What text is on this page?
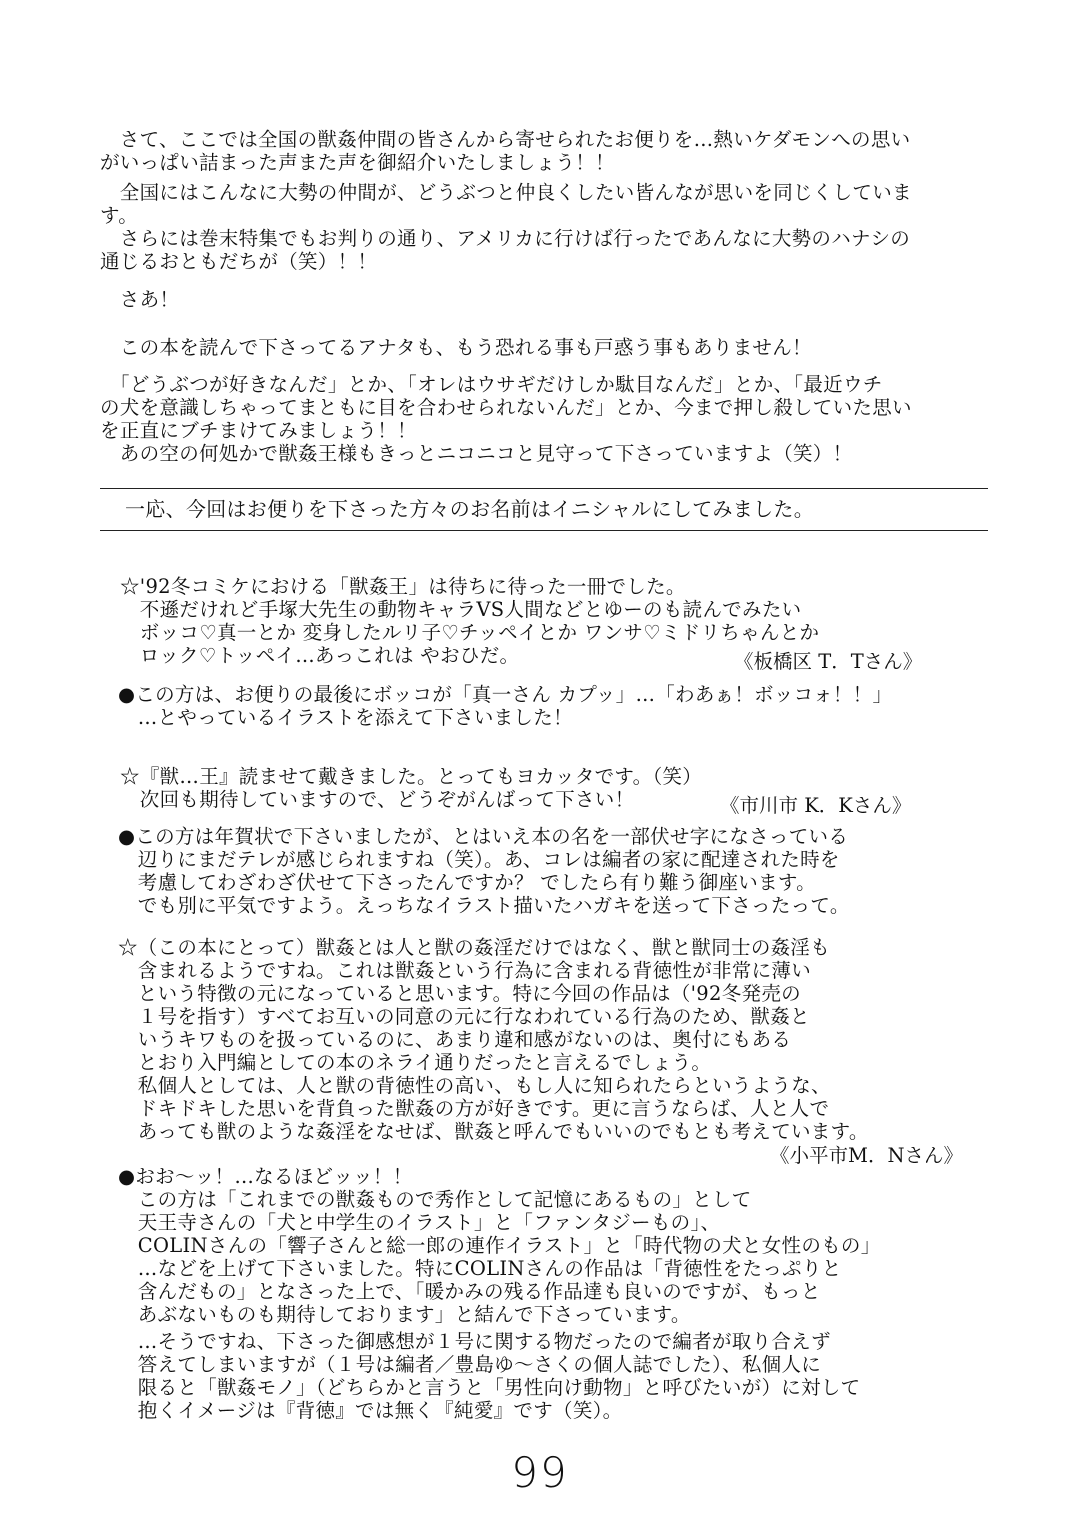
　さて、ここでは全国の獣姦仲間の皆さんから寄せられたお便りを…熱いケダモンへの思い
がいっぱい詰まった声また声を御紹介いたしましょう！！
　全国にはこんなに大勢の仲間が、どうぶつと仲良くしたい皆んなが思いを同じくしていま
す。
　さらには巻末特集でもお判りの通り、アメリカに行けば行ったであんなに大勢のハナシの
通じるおともだちが（笑）！！
　さあ！
　この本を読んで下さってるアナタも、もう恐れる事も戸惑う事もありません！
　「どうぶつが好きなんだ」とか、「オレはウサギだけしか駄目なんだ」とか、「最近ウチ
の犬を意識しちゃってまともに目を合わせられないんだ」とか、今まで押し殺していた思い
を正直にブチまけてみましょう！！
　あの空の何処かで獣姦王様もきっとニコニコと見守って下さっていますよ（笑）！
一応、今回はお便りを下さった方々のお名前はイニシャルにしてみました。
☆'92冬コミケにおける「獣姦王」は待ちに待った一冊でした。
　不遜だけれど手塚大先生の動物キャラVS人間などとゆーのも読んでみたい
　ボッコ♡真一とか 変身したルリ子♡チッペイとか ワンサ♡ミドリちゃんとか
　ロック♡トッペイ…あっこれは やおひだ。	《板橋区 T．Tさん》
●この方は、お便りの最後にボッコが「真一さん カプッ」…「わあぁ！ボッコォ！！」
　…とやっているイラストを添えて下さいました！
☆『獣…王』読ませて戴きました。とってもヨカッタです。（笑）
　次回も期待していますので、どうぞがんばって下さい！	《市川市 K．Kさん》
●この方は年賀状で下さいましたが、とはいえ本の名を一部伏せ字になさっている
　辺りにまだテレが感じられますね（笑）。あ、コレは編者の家に配達された時を
　考慮してわざわざ伏せて下さったんですか？ でしたら有り難う御座います。
　でも別に平気ですよう。えっちなイラスト描いたハガキを送って下さったって。
☆（この本にとって）獣姦とは人と獣の姦淫だけではなく、獣と獣同士の姦淫も
　含まれるようですね。これは獣姦という行為に含まれる背徳性が非常に薄い
　という特徴の元になっていると思います。特に今回の作品は（'92冬発売の
　１号を指す）すべてお互いの同意の元に行なわれている行為のため、獣姦と
　いうキワものを扱っているのに、あまり違和感がないのは、奥付にもある
　とおり入門編としての本のネライ通りだったと言えるでしょう。
　私個人としては、人と獣の背徳性の高い、もし人に知られたらというような、
　ドキドキした思いを背負った獣姦の方が好きです。更に言うならば、人と人で
　あっても獣のような姦淫をなせば、獣姦と呼んでもいいのでもとも考えています。
《小平市M．Nさん》
●おお～ッ！…なるほどッッ！！
　この方は「これまでの獣姦もので秀作として記憶にあるもの」として
　天王寺さんの「犬と中学生のイラスト」と「ファンタジーもの」、
　COLINさんの「響子さんと総一郎の連作イラスト」と「時代物の犬と女性のもの」
　…などを上げて下さいました。特にCOLINさんの作品は「背徳性をたっぷりと
　含んだもの」となさった上で、「暖かみの残る作品達も良いのですが、もっと
　あぶないものも期待しております」と結んで下さっています。
　…そうですね、下さった御感想が１号に関する物だったので編者が取り合えず
　答えてしまいますが（１号は編者／豊島ゆ～さくの個人誌でした）、私個人に
　限ると「獣姦モノ」（どちらかと言うと「男性向け動物」と呼びたいが）に対して
　抱くイメージは『背徳』では無く『純愛』です（笑）。
99
